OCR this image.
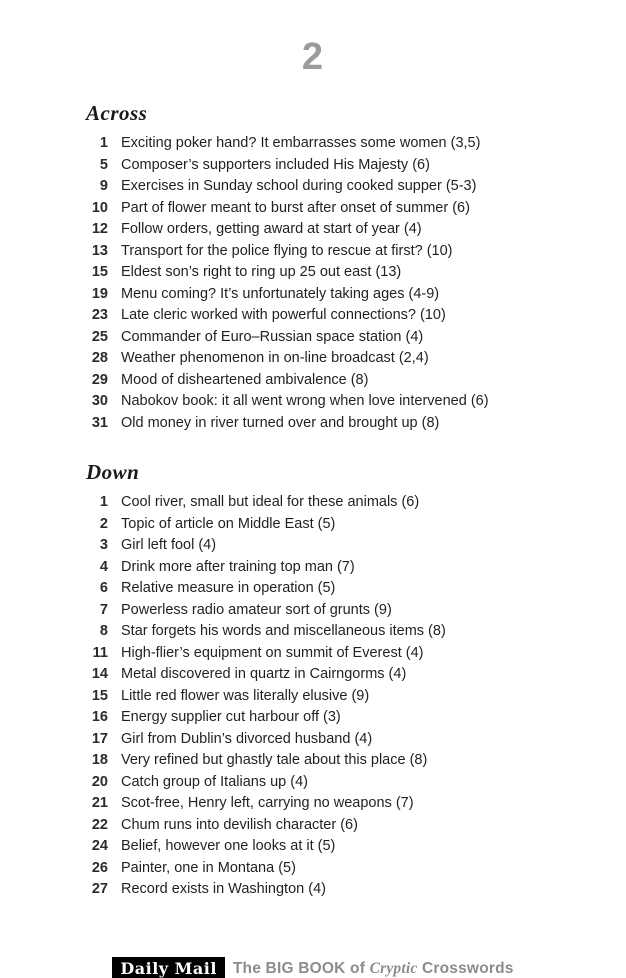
2
Across
1 Exciting poker hand? It embarrasses some women (3,5)
5 Composer’s supporters included His Majesty (6)
9 Exercises in Sunday school during cooked supper (5-3)
10 Part of flower meant to burst after onset of summer (6)
12 Follow orders, getting award at start of year (4)
13 Transport for the police flying to rescue at first? (10)
15 Eldest son’s right to ring up 25 out east (13)
19 Menu coming? It’s unfortunately taking ages (4-9)
23 Late cleric worked with powerful connections? (10)
25 Commander of Euro–Russian space station (4)
28 Weather phenomenon in on-line broadcast (2,4)
29 Mood of disheartened ambivalence (8)
30 Nabokov book: it all went wrong when love intervened (6)
31 Old money in river turned over and brought up (8)
Down
1 Cool river, small but ideal for these animals (6)
2 Topic of article on Middle East (5)
3 Girl left fool (4)
4 Drink more after training top man (7)
6 Relative measure in operation (5)
7 Powerless radio amateur sort of grunts (9)
8 Star forgets his words and miscellaneous items (8)
11 High-flier’s equipment on summit of Everest (4)
14 Metal discovered in quartz in Cairngorms (4)
15 Little red flower was literally elusive (9)
16 Energy supplier cut harbour off (3)
17 Girl from Dublin’s divorced husband (4)
18 Very refined but ghastly tale about this place (8)
20 Catch group of Italians up (4)
21 Scot-free, Henry left, carrying no weapons (7)
22 Chum runs into devilish character (6)
24 Belief, however one looks at it (5)
26 Painter, one in Montana (5)
27 Record exists in Washington (4)
Daily Mail	The BIG BOOK of Cryptic Crosswords
